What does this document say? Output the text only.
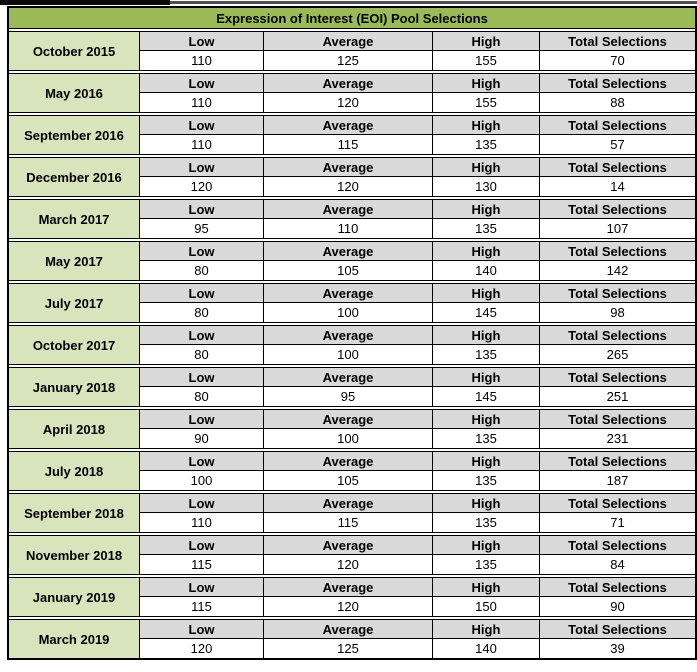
Expression of Interest (EOI) Pool Selections
October 2015
Low	Average	High	Total Selections
110	125	155	70
May 2016
Low	Average	High	Total Selections
110	120	155	88
September 2016
Low	Average	High	Total Selections
110	115	135	57
December 2016
Low	Average	High	Total Selections
120	120	130	14
March 2017
Low	Average	High	Total Selections
95	110	135	107
May 2017
Low	Average	High	Total Selections
80	105	140	142
July 2017
Low	Average	High	Total Selections
80	100	145	98
October 2017
Low	Average	High	Total Selections
80	100	135	265
January 2018
Low	Average	High	Total Selections
80	95	145	251
April 2018
Low	Average	High	Total Selections
90	100	135	231
July 2018
Low	Average	High	Total Selections
100	105	135	187
September 2018
Low	Average	High	Total Selections
110	115	135	71
November 2018
Low	Average	High	Total Selections
115	120	135	84
January 2019
Low	Average	High	Total Selections
115	120	150	90
March 2019
Low	Average	High	Total Selections
120	125	140	39
